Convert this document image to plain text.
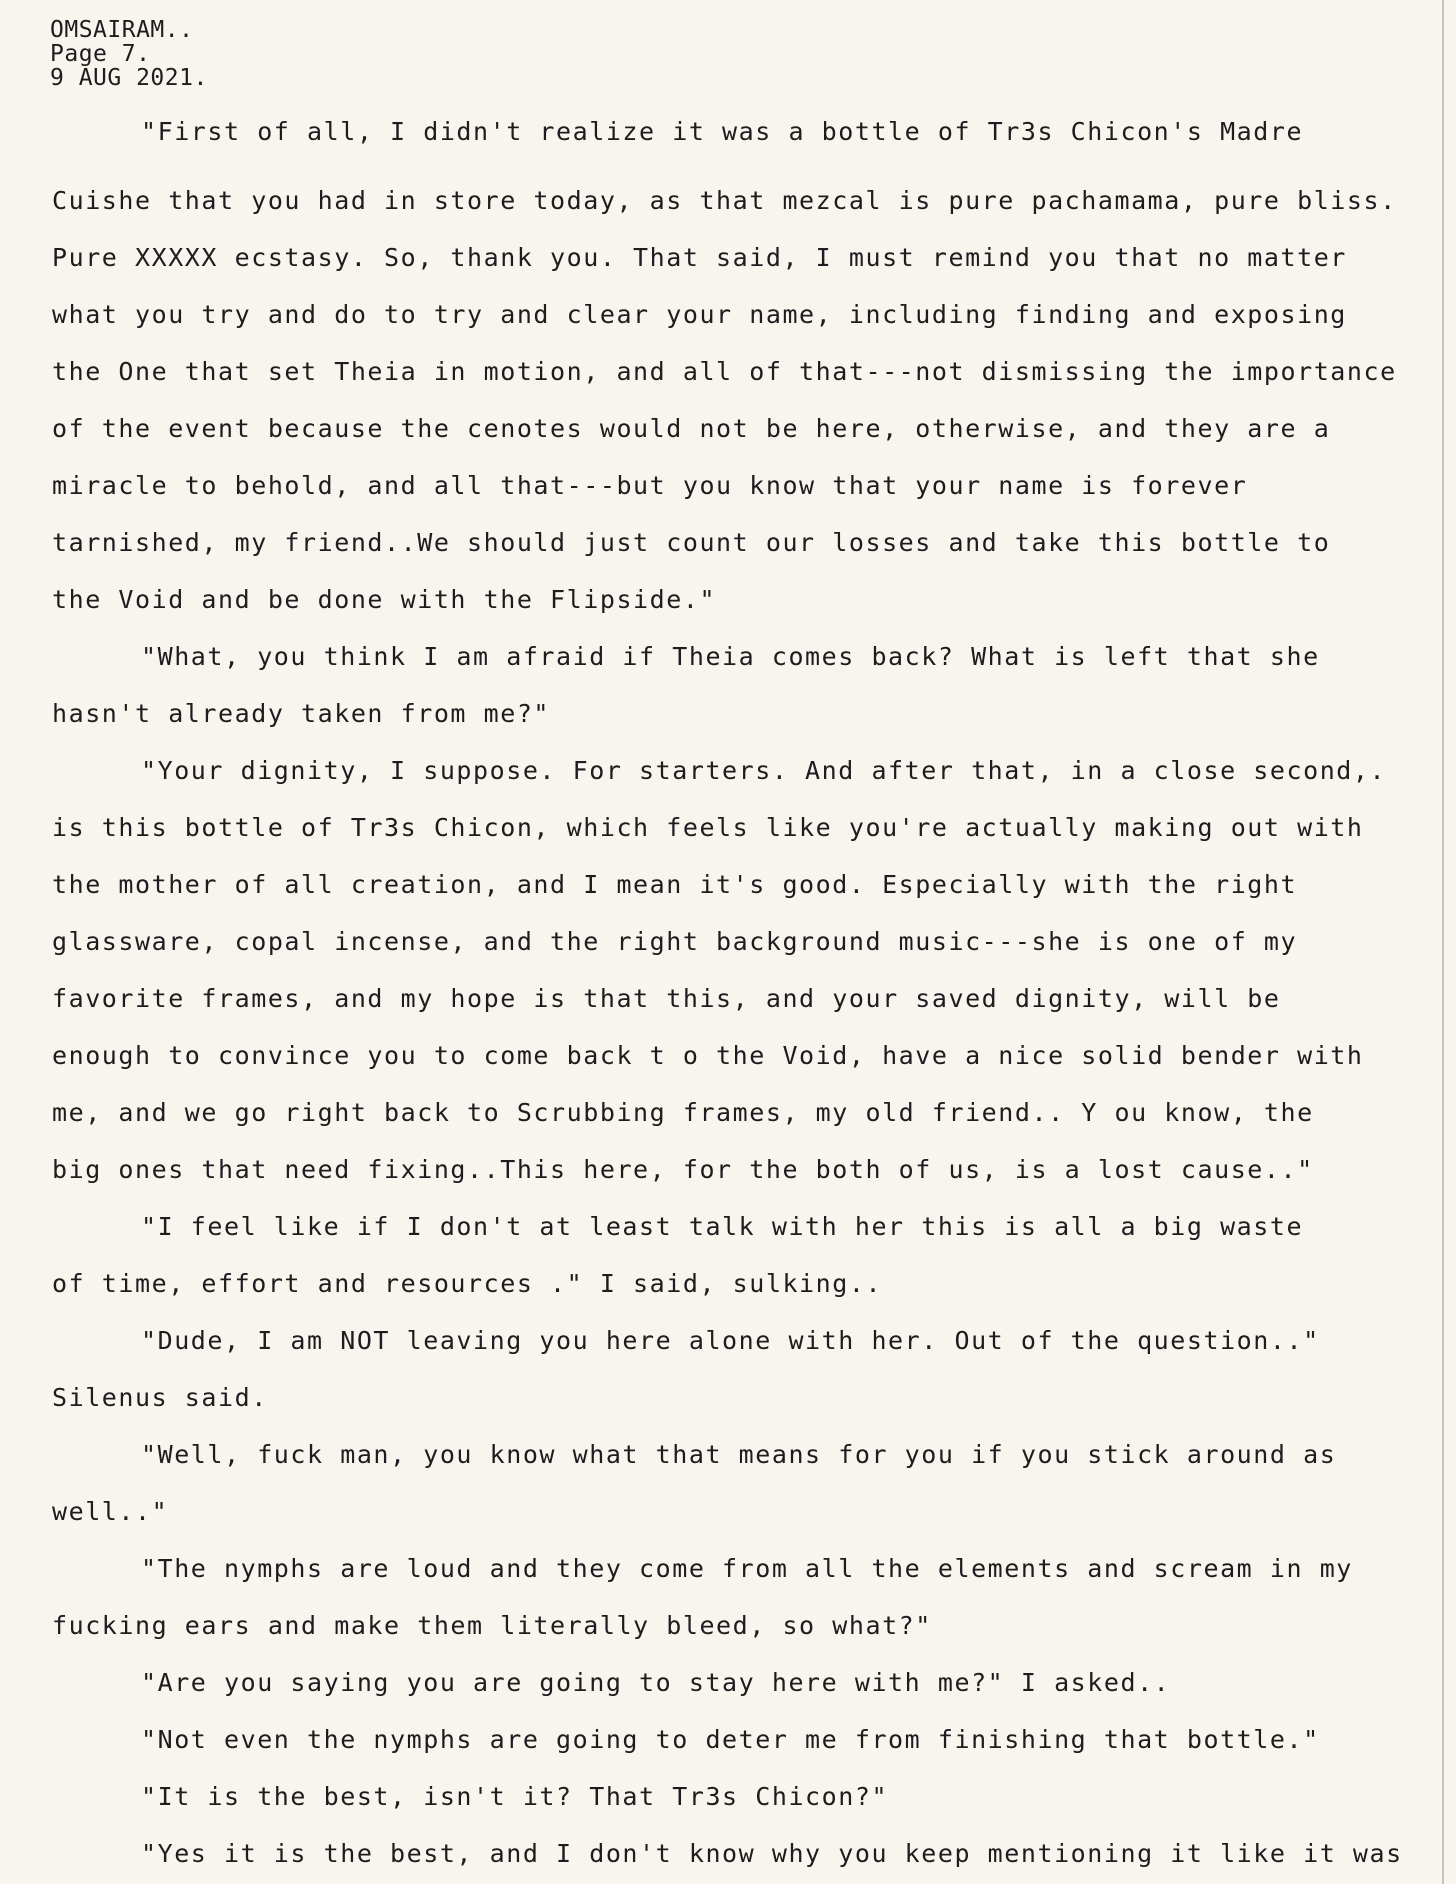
OMSAIRAM..
Page 7.
9 AUG 2021.
"First of all, I didn't realize it was a bottle of Tr3s Chicon's Madre
Cuishe that you had in store today, as that mezcal is pure pachamama, pure bliss.
Pure XXXXX ecstasy. So, thank you. That said, I must remind you that no matter
what you try and do to try and clear your name, including finding and exposing
the One that set Theia in motion, and all of that---not dismissing the importance
of the event because the cenotes would not be here, otherwise, and they are a
miracle to behold, and all that---but you know that your name is forever
tarnished, my friend..We should just count our losses and take this bottle to
the Void and be done with the Flipside."
"What, you think I am afraid if Theia comes back? What is left that she
hasn't already taken from me?"
"Your dignity, I suppose. For starters. And after that, in a close second,.
is this bottle of Tr3s Chicon, which feels like you're actually making out with
the mother of all creation, and I mean it's good. Especially with the right
glassware, copal incense, and the right background music---she is one of my
favorite frames, and my hope is that this, and your saved dignity, will be
enough to convince you to come back t o the Void, have a nice solid bender with
me, and we go right back to Scrubbing frames, my old friend.. Y ou know, the
big ones that need fixing..This here, for the both of us, is a lost cause.."
"I feel like if I don't at least talk with her this is all a big waste
of time, effort and resources ." I said, sulking..
"Dude, I am NOT leaving you here alone with her. Out of the question.."
Silenus said.
"Well, fuck man, you know what that means for you if you stick around as
well.."
"The nymphs are loud and they come from all the elements and scream in my
fucking ears and make them literally bleed, so what?"
"Are you saying you are going to stay here with me?" I asked..
"Not even the nymphs are going to deter me from finishing that bottle."
"It is the best, isn't it? That Tr3s Chicon?"
"Yes it is the best, and I don't know why you keep mentioning it like it was
